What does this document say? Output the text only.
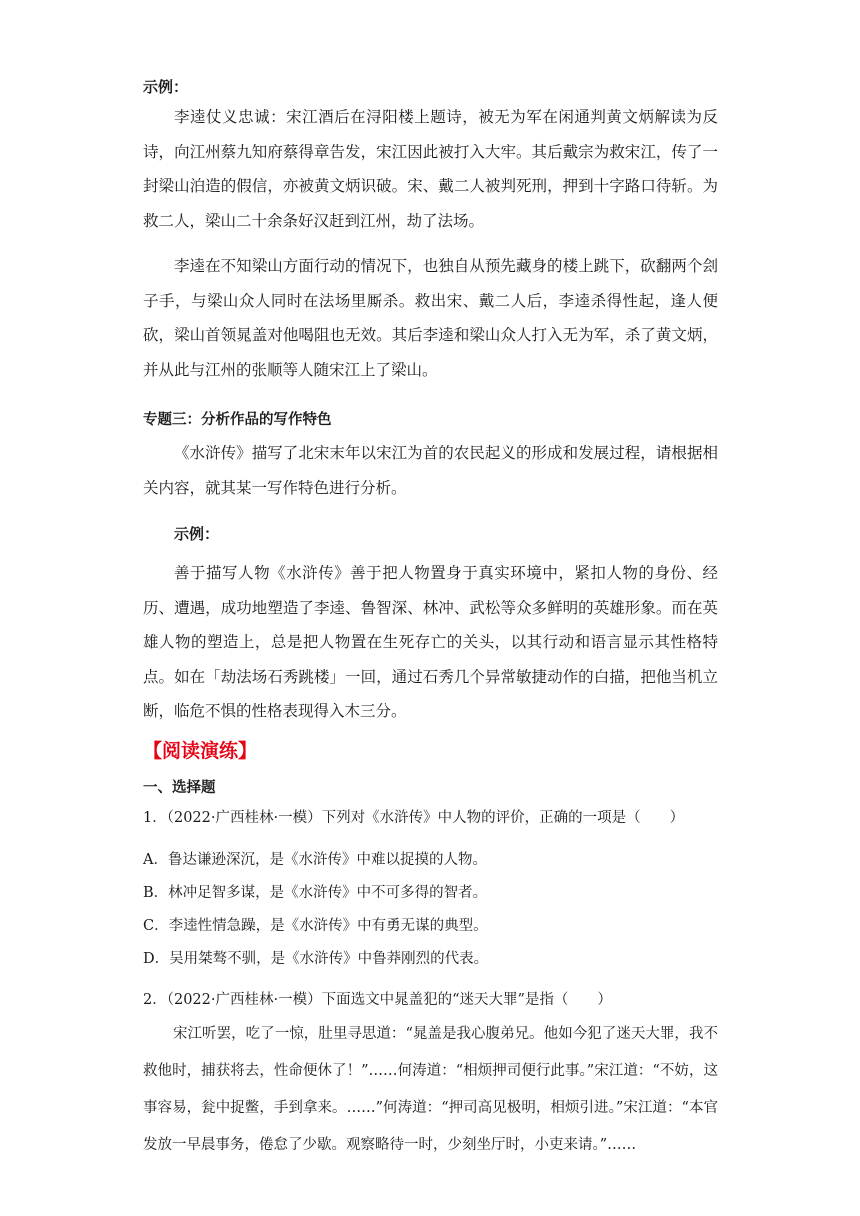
示例：
李逵仗义忠诚：宋江酒后在浔阳楼上题诗，被无为军在闲通判黄文炳解读为反诗，向江州蔡九知府蔡得章告发，宋江因此被打入大牢。其后戴宗为救宋江，传了一封梁山泊造的假信，亦被黄文炳识破。宋、戴二人被判死刑，押到十字路口待斩。为救二人，梁山二十余条好汉赶到江州，劫了法场。
李逵在不知梁山方面行动的情况下，也独自从预先藏身的楼上跳下，砍翻两个刽子手，与梁山众人同时在法场里厮杀。救出宋、戴二人后，李逵杀得性起，逢人便砍，梁山首领晁盖对他喝阻也无效。其后李逵和梁山众人打入无为军，杀了黄文炳，并从此与江州的张顺等人随宋江上了梁山。
专题三：分析作品的写作特色
《水浒传》描写了北宋末年以宋江为首的农民起义的形成和发展过程，请根据相关内容，就其某一写作特色进行分析。
示例：
善于描写人物《水浒传》善于把人物置身于真实环境中，紧扣人物的身份、经历、遭遇，成功地塑造了李逵、鲁智深、林冲、武松等众多鲜明的英雄形象。而在英雄人物的塑造上，总是把人物置在生死存亡的关头，以其行动和语言显示其性格特点。如在「劫法场石秀跳楼」一回，通过石秀几个异常敏捷动作的白描，把他当机立断，临危不惧的性格表现得入木三分。
【阅读演练】
一、选择题
1．（2022·广西桂林·一模）下列对《水浒传》中人物的评价，正确的一项是（　　）
A．鲁达谦逊深沉，是《水浒传》中难以捉摸的人物。
B．林冲足智多谋，是《水浒传》中不可多得的智者。
C．李逵性情急躁，是《水浒传》中有勇无谋的典型。
D．吴用桀骜不驯，是《水浒传》中鲁莽刚烈的代表。
2．（2022·广西桂林·一模）下面选文中晁盖犯的“迷天大罪”是指（　　）
宋江听罢，吃了一惊，肚里寻思道：“晁盖是我心腹弟兄。他如今犯了迷天大罪，我不救他时，捕获将去，性命便休了！”……何涛道：“相烦押司便行此事。”宋江道：“不妨，这事容易，瓮中捉鳖，手到拿来。……”何涛道：“押司高见极明，相烦引进。”宋江道：“本官发放一早晨事务，倦怠了少歇。观察略待一时，少刻坐厅时，小吏来请。”……
